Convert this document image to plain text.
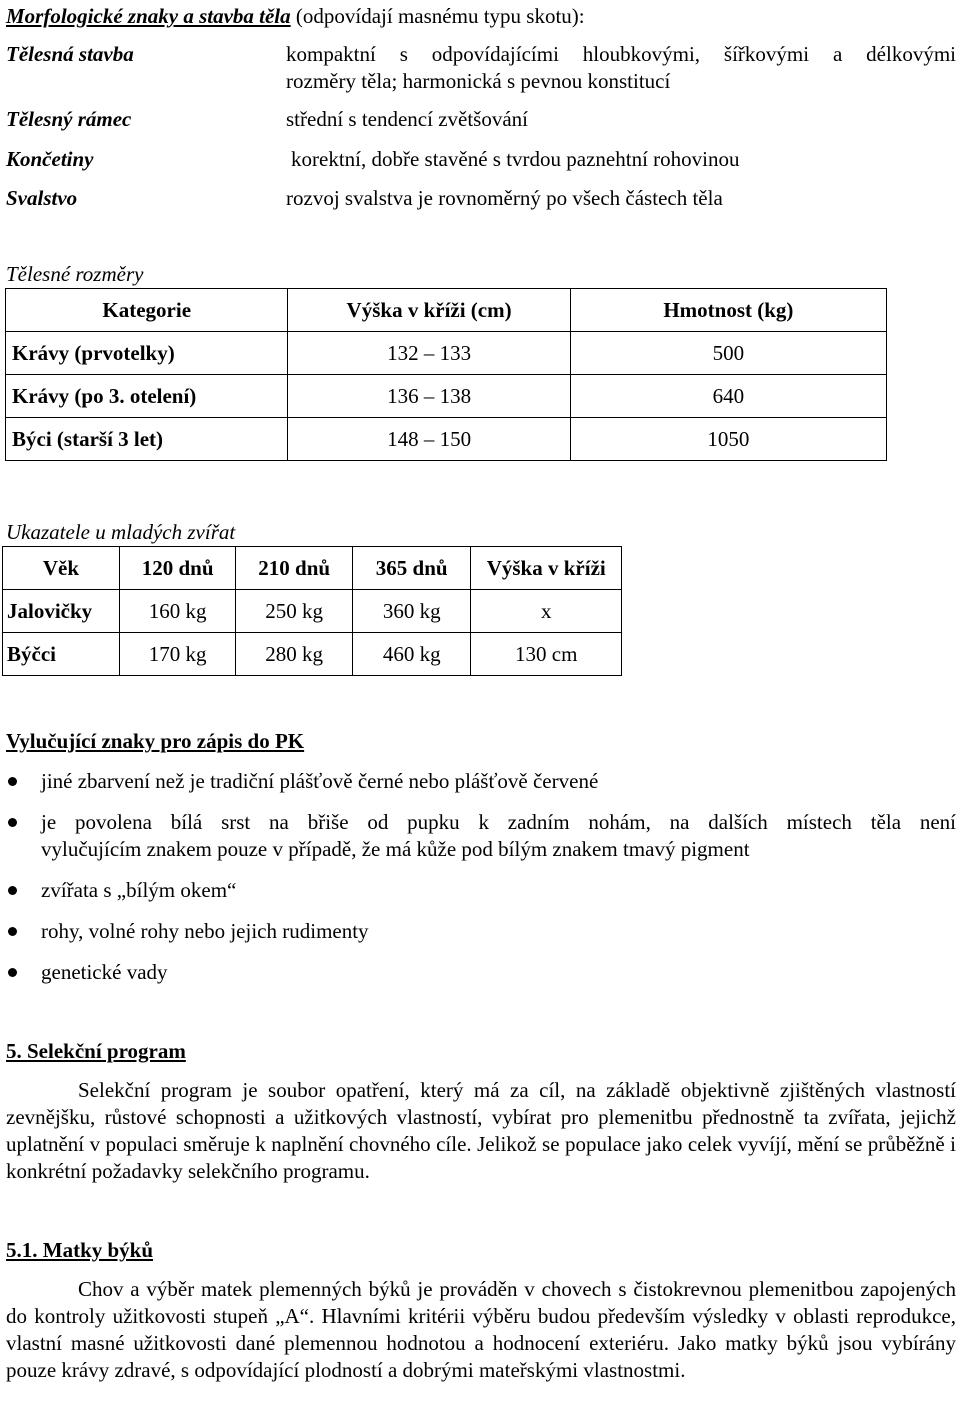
Morfologické znaky a stavba těla (odpovídají masnému typu skotu):
Tělesná stavba	kompaktní s odpovídajícími hloubkovými, šířkovými a délkovými
rozměry těla; harmonická s pevnou konstitucí
Tělesný rámec	střední s tendencí zvětšování
Končetiny	korektní, dobře stavěné s tvrdou paznehtní rohovinou
Svalstvo	rozvoj svalstva je rovnoměrný po všech částech těla
Tělesné rozměry
Kategorie	Výška v kříži (cm)	Hmotnost (kg)
Krávy (prvotelky)	132 – 133	500
Krávy (po 3. otelení)	136 – 138	640
Býci (starší 3 let)	148 – 150	1050
Ukazatele u mladých zvířat
Věk	120 dnů	210 dnů	365 dnů	Výška v kříži
Jalovičky	160 kg	250 kg	360 kg	x
Býčci	170 kg	280 kg	460 kg	130 cm
Vylučující znaky pro zápis do PK
jiné zbarvení než je tradiční plášťově černé nebo plášťově červené
je povolena bílá srst na břiše od pupku k zadním nohám, na dalších místech těla není
vylučujícím znakem pouze v případě, že má kůže pod bílým znakem tmavý pigment
zvířata s „bílým okem“
rohy, volné rohy nebo jejich rudimenty
genetické vady
5. Selekční program
Selekční program je soubor opatření, který má za cíl, na základě objektivně zjištěných vlastností zevnějšku, růstové schopnosti a užitkových vlastností, vybírat pro plemenitbu přednostně ta zvířata, jejichž uplatnění v populaci směruje k naplnění chovného cíle. Jelikož se populace jako celek vyvíjí, mění se průběžně i konkrétní požadavky selekčního programu.
5.1. Matky býků
Chov a výběr matek plemenných býků je prováděn v chovech s čistokrevnou plemenitbou zapojených do kontroly užitkovosti stupeň „A“. Hlavními kritérii výběru budou především výsledky v oblasti reprodukce, vlastní masné užitkovosti dané plemennou hodnotou a hodnocení exteriéru. Jako matky býků jsou vybírány pouze krávy zdravé, s odpovídající plodností a dobrými mateřskými vlastnostmi.
